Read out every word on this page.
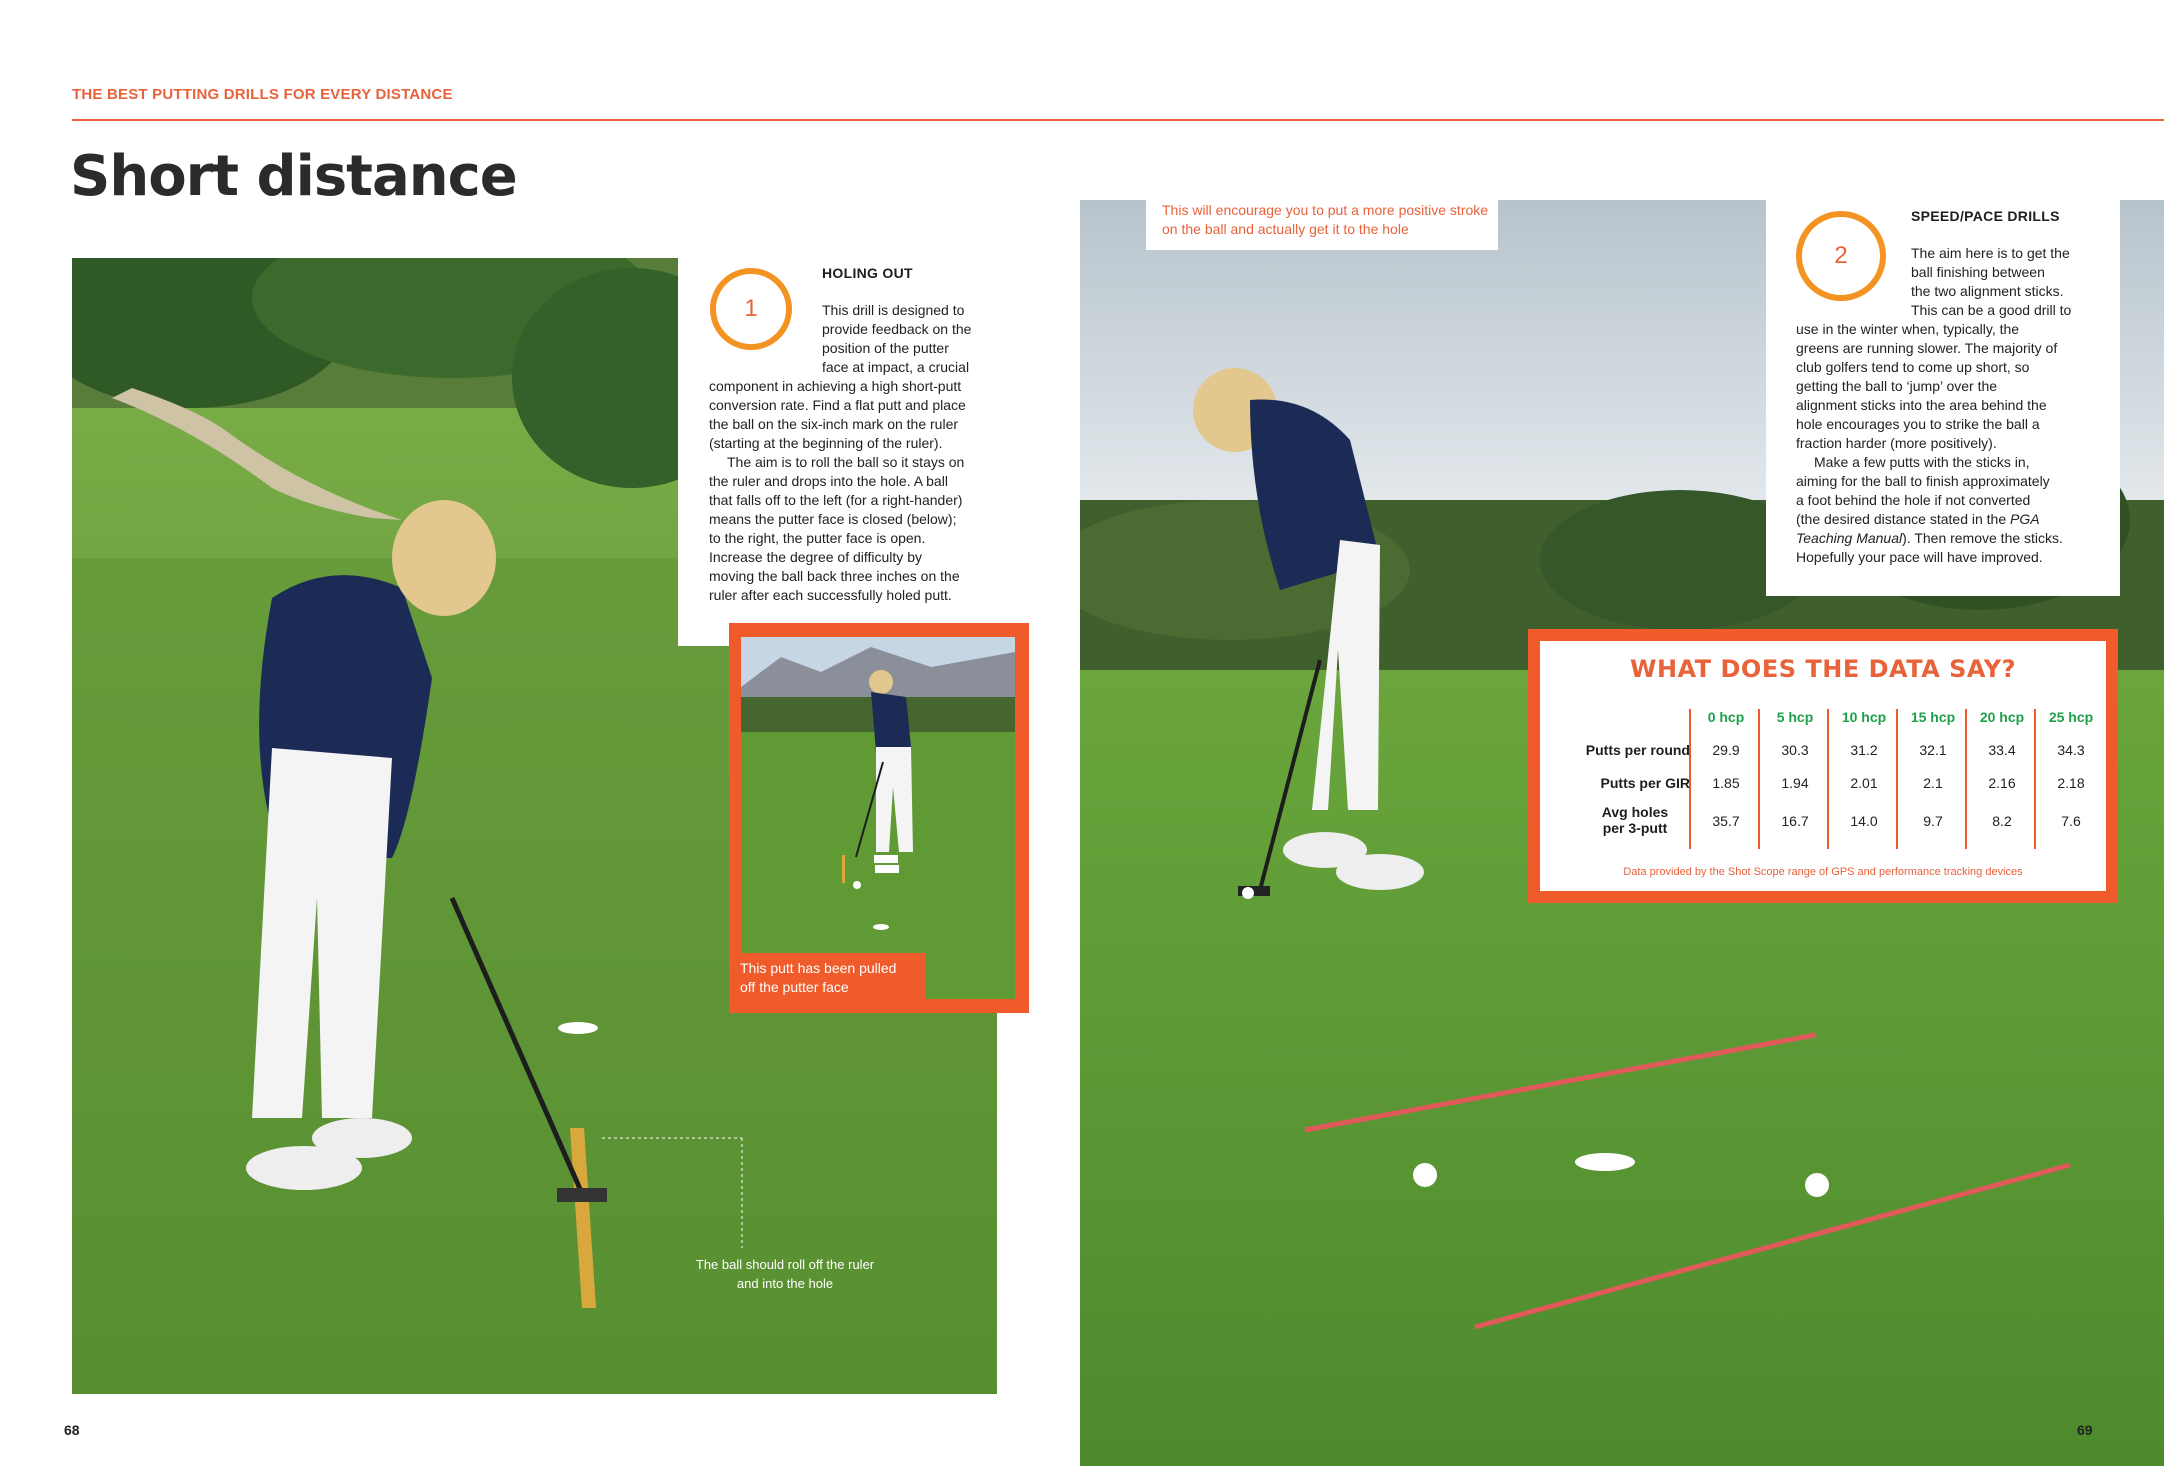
THE BEST PUTTING DRILLS FOR EVERY DISTANCE
Short distance
1
HOLING OUT
This drill is designed to
provide feedback on the
position of the putter
face at impact, a crucial
component in achieving a high short-putt
conversion rate. Find a flat putt and place
the ball on the six-inch mark on the ruler
(starting at the beginning of the ruler).
The aim is to roll the ball so it stays on
the ruler and drops into the hole. A ball
that falls off to the left (for a right-hander)
means the putter face is closed (below);
to the right, the putter face is open.
Increase the degree of difficulty by
moving the ball back three inches on the
ruler after each successfully holed putt.
This putt has been pulled off the putter face
The ball should roll off the ruler and into the hole
This will encourage you to put a more positive stroke on the ball and actually get it to the hole
2
SPEED/PACE DRILLS
The aim here is to get the
ball finishing between
the two alignment sticks.
This can be a good drill to
use in the winter when, typically, the
greens are running slower. The majority of
club golfers tend to come up short, so
getting the ball to ‘jump’ over the
alignment sticks into the area behind the
hole encourages you to strike the ball a
fraction harder (more positively).
Make a few putts with the sticks in,
aiming for the ball to finish approximately
a foot behind the hole if not converted
(the desired distance stated in the PGA
Teaching Manual). Then remove the sticks.
Hopefully your pace will have improved.
WHAT DOES THE DATA SAY?
0 hcp	5 hcp	10 hcp	15 hcp	20 hcp	25 hcp
Putts per round	29.9	30.3	31.2	32.1	33.4	34.3
Putts per GIR	1.85	1.94	2.01	2.1	2.16	2.18
Avg holes
per 3-putt	35.7	16.7	14.0	9.7	8.2	7.6
Data provided by the Shot Scope range of GPS and performance tracking devices
68	69
